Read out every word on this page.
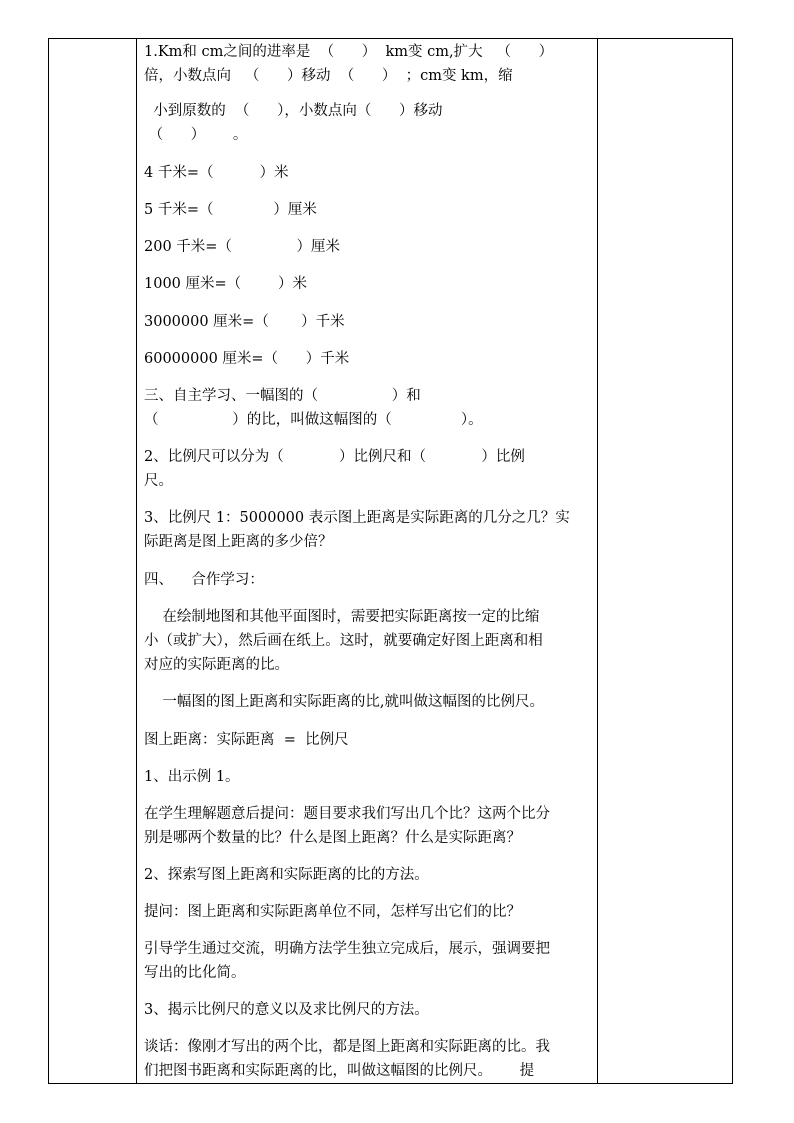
1.Km和 cm之间的进率是  （      ）  km变 cm,扩大   （      ）
倍，小数点向   （      ）移动  （      ）  ；cm变 km，缩
小到原数的  （      ），小数点向（      ）移动
（      ）      。
4 千米=（          ）米
5 千米=（             ）厘米
200 千米=（              ）厘米
1000 厘米=（        ）米
3000000 厘米=（       ）千米
60000000 厘米=（      ）千米
三、自主学习、一幅图的（                ）和
（                ）的比，叫做这幅图的（               ）。
2、比例尺可以分为（            ）比例尺和（            ）比例
尺。
3、比例尺 1：5000000 表示图上距离是实际距离的几分之几？实
际距离是图上距离的多少倍？
四、    合作学习：
在绘制地图和其他平面图时，需要把实际距离按一定的比缩
小（或扩大），然后画在纸上。这时，就要确定好图上距离和相
对应的实际距离的比。
一幅图的图上距离和实际距离的比,就叫做这幅图的比例尺。
图上距离：实际距离  =  比例尺
1、出示例 1。
在学生理解题意后提问：题目要求我们写出几个比？这两个比分
别是哪两个数量的比？什么是图上距离？什么是实际距离？
2、探索写图上距离和实际距离的比的方法。
提问：图上距离和实际距离单位不同，怎样写出它们的比？
引导学生通过交流，明确方法学生独立完成后，展示，强调要把
写出的比化简。
3、揭示比例尺的意义以及求比例尺的方法。
谈话：像刚才写出的两个比，都是图上距离和实际距离的比。我
们把图书距离和实际距离的比，叫做这幅图的比例尺。      提
